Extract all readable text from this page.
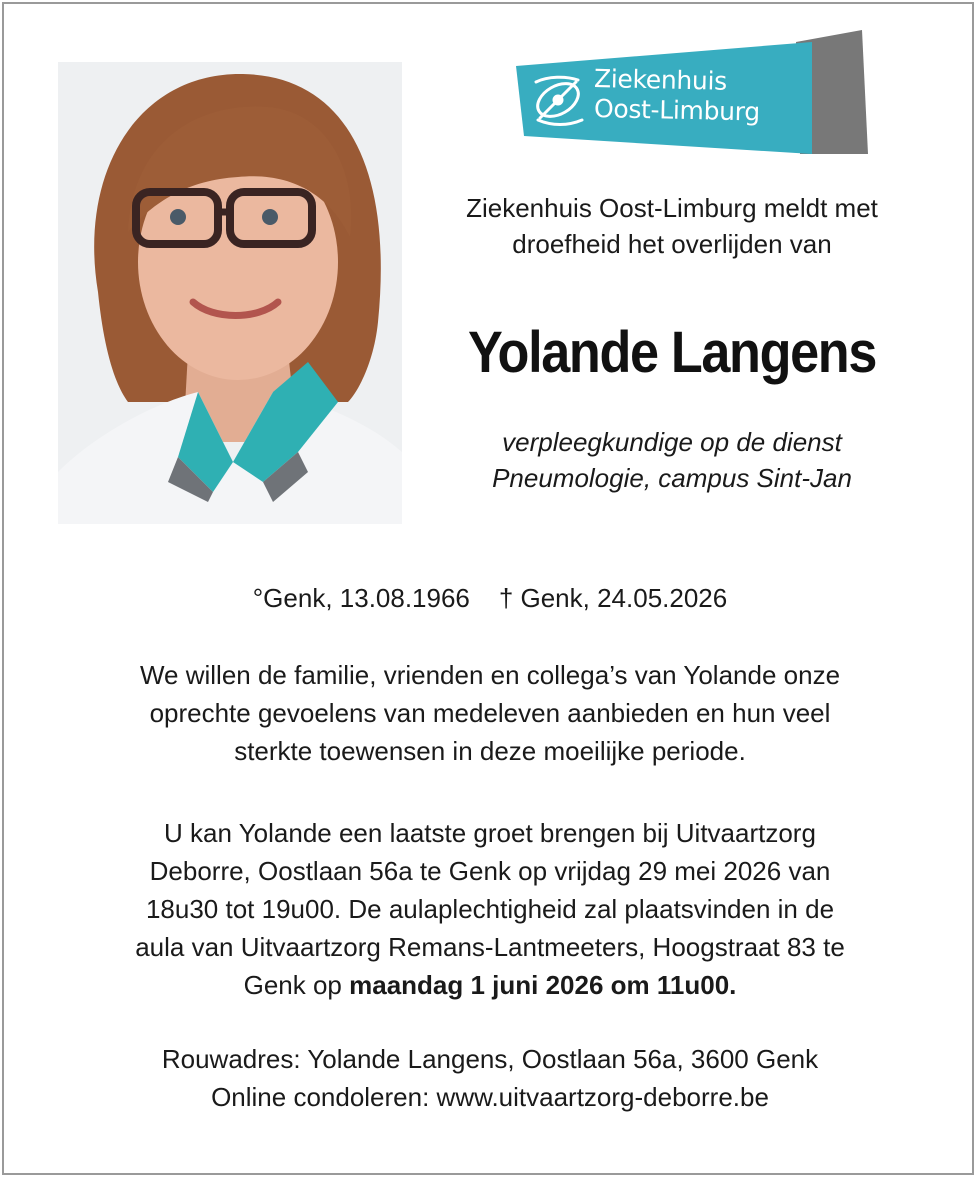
Ziekenhuis
Oost-Limburg
Ziekenhuis Oost-Limburg meldt met
droefheid het overlijden van
Yolande Langens
verpleegkundige op de dienst
Pneumologie, campus Sint-Jan
°Genk, 13.08.1966 † Genk, 24.05.2026
We willen de familie, vrienden en collega’s van Yolande onze
oprechte gevoelens van medeleven aanbieden en hun veel
sterkte toewensen in deze moeilijke periode.
U kan Yolande een laatste groet brengen bij Uitvaartzorg
Deborre, Oostlaan 56a te Genk op vrijdag 29 mei 2026 van
18u30 tot 19u00. De aulaplechtigheid zal plaatsvinden in de
aula van Uitvaartzorg Remans-Lantmeeters, Hoogstraat 83 te
Genk op maandag 1 juni 2026 om 11u00.
Rouwadres: Yolande Langens, Oostlaan 56a, 3600 Genk
Online condoleren: www.uitvaartzorg-deborre.be
